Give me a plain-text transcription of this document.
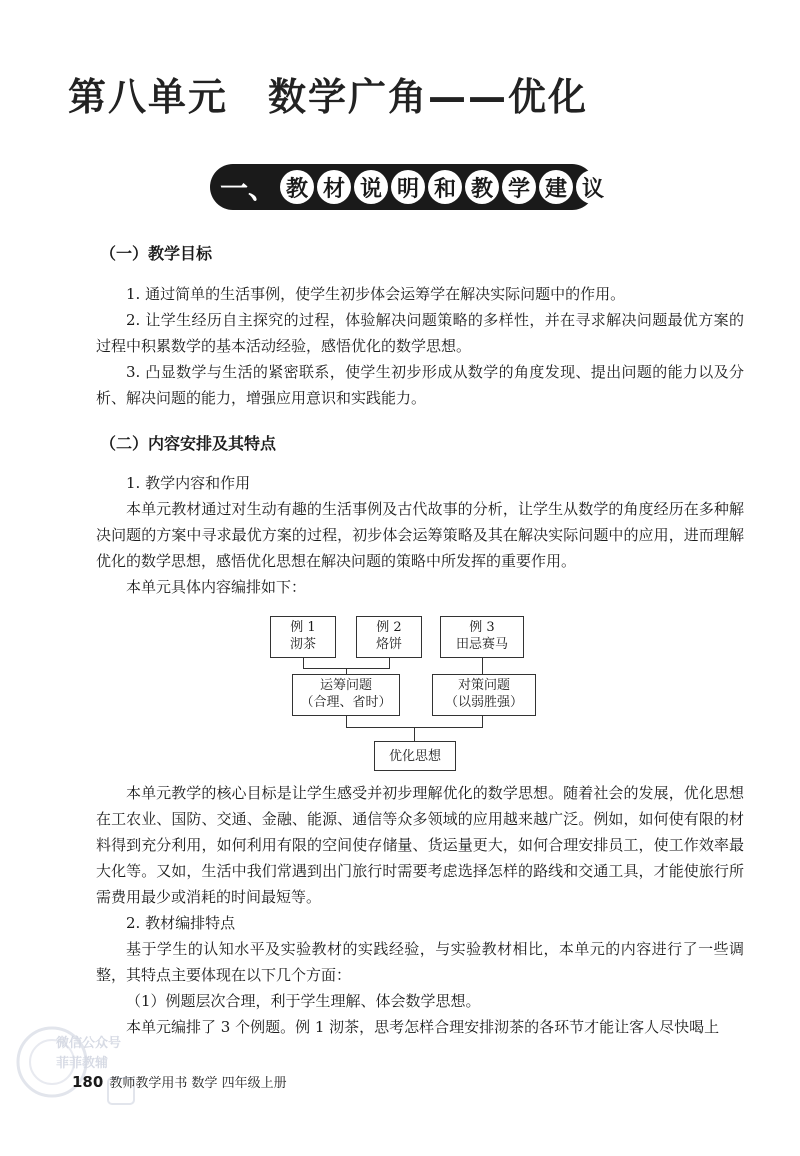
第八单元 数学广角——优化
一、 教 材 说 明 和 教 学 建 议
（一）教学目标

1. 通过简单的生活事例，使学生初步体会运筹学在解决实际问题中的作用。

2. 让学生经历自主探究的过程，体验解决问题策略的多样性，并在寻求解决问题最优方案的过程中积累数学的基本活动经验，感悟优化的数学思想。

3. 凸显数学与生活的紧密联系，使学生初步形成从数学的角度发现、提出问题的能力以及分析、解决问题的能力，增强应用意识和实践能力。

（二）内容安排及其特点

1. 教学内容和作用

本单元教材通过对生动有趣的生活事例及古代故事的分析，让学生从数学的角度经历在多种解决问题的方案中寻求最优方案的过程，初步体会运筹策略及其在解决实际问题中的应用，进而理解优化的数学思想，感悟优化思想在解决问题的策略中所发挥的重要作用。

本单元具体内容编排如下：

例 1
沏茶
例 2
烙饼
例 3
田忌赛马
运筹问题
（合理、省时）
对策问题
（以弱胜强）
优化思想

本单元教学的核心目标是让学生感受并初步理解优化的数学思想。随着社会的发展，优化思想在工农业、国防、交通、金融、能源、通信等众多领域的应用越来越广泛。例如，如何使有限的材料得到充分利用，如何利用有限的空间使存储量、货运量更大，如何合理安排员工，使工作效率最大化等。又如，生活中我们常遇到出门旅行时需要考虑选择怎样的路线和交通工具，才能使旅行所需费用最少或消耗的时间最短等。

2. 教材编排特点

基于学生的认知水平及实验教材的实践经验，与实验教材相比，本单元的内容进行了一些调整，其特点主要体现在以下几个方面：

（1）例题层次合理，利于学生理解、体会数学思想。

本单元编排了 3 个例题。例 1 沏茶，思考怎样合理安排沏茶的各环节才能让客人尽快喝上

微信公众号
菲菲教辅
180 教师教学用书 数学 四年级上册
